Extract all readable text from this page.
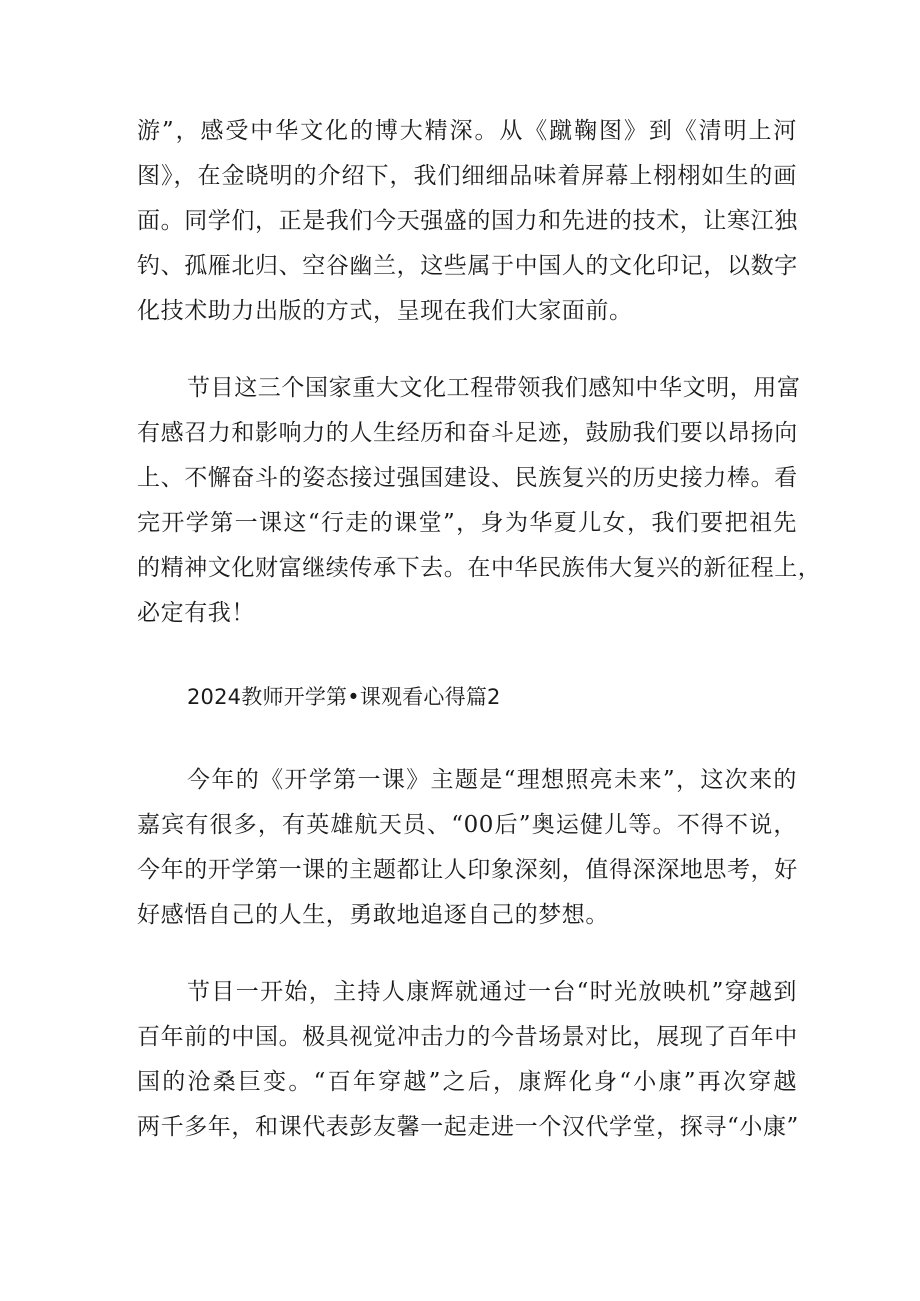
游”，感受中华文化的博大精深。从《蹴鞠图》到《清明上河
图》，在金晓明的介绍下，我们细细品味着屏幕上栩栩如生的画
面。同学们，正是我们今天强盛的国力和先进的技术，让寒江独
钓、孤雁北归、空谷幽兰，这些属于中国人的文化印记，以数字
化技术助力出版的方式，呈现在我们大家面前。
节目这三个国家重大文化工程带领我们感知中华文明，用富
有感召力和影响力的人生经历和奋斗足迹，鼓励我们要以昂扬向
上、不懈奋斗的姿态接过强国建设、民族复兴的历史接力棒。看
完开学第一课这“行走的课堂”，身为华夏儿女，我们要把祖先
的精神文化财富继续传承下去。在中华民族伟大复兴的新征程上，
必定有我！
2024教师开学第•课观看心得篇2
今年的《开学第一课》主题是“理想照亮未来”，这次来的
嘉宾有很多，有英雄航天员、“00后”奥运健儿等。不得不说，
今年的开学第一课的主题都让人印象深刻，值得深深地思考，好
好感悟自己的人生，勇敢地追逐自己的梦想。
节目一开始，主持人康辉就通过一台“时光放映机”穿越到
百年前的中国。极具视觉冲击力的今昔场景对比，展现了百年中
国的沧桑巨变。“百年穿越”之后，康辉化身“小康”再次穿越
两千多年，和课代表彭友馨一起走进一个汉代学堂，探寻“小康”
